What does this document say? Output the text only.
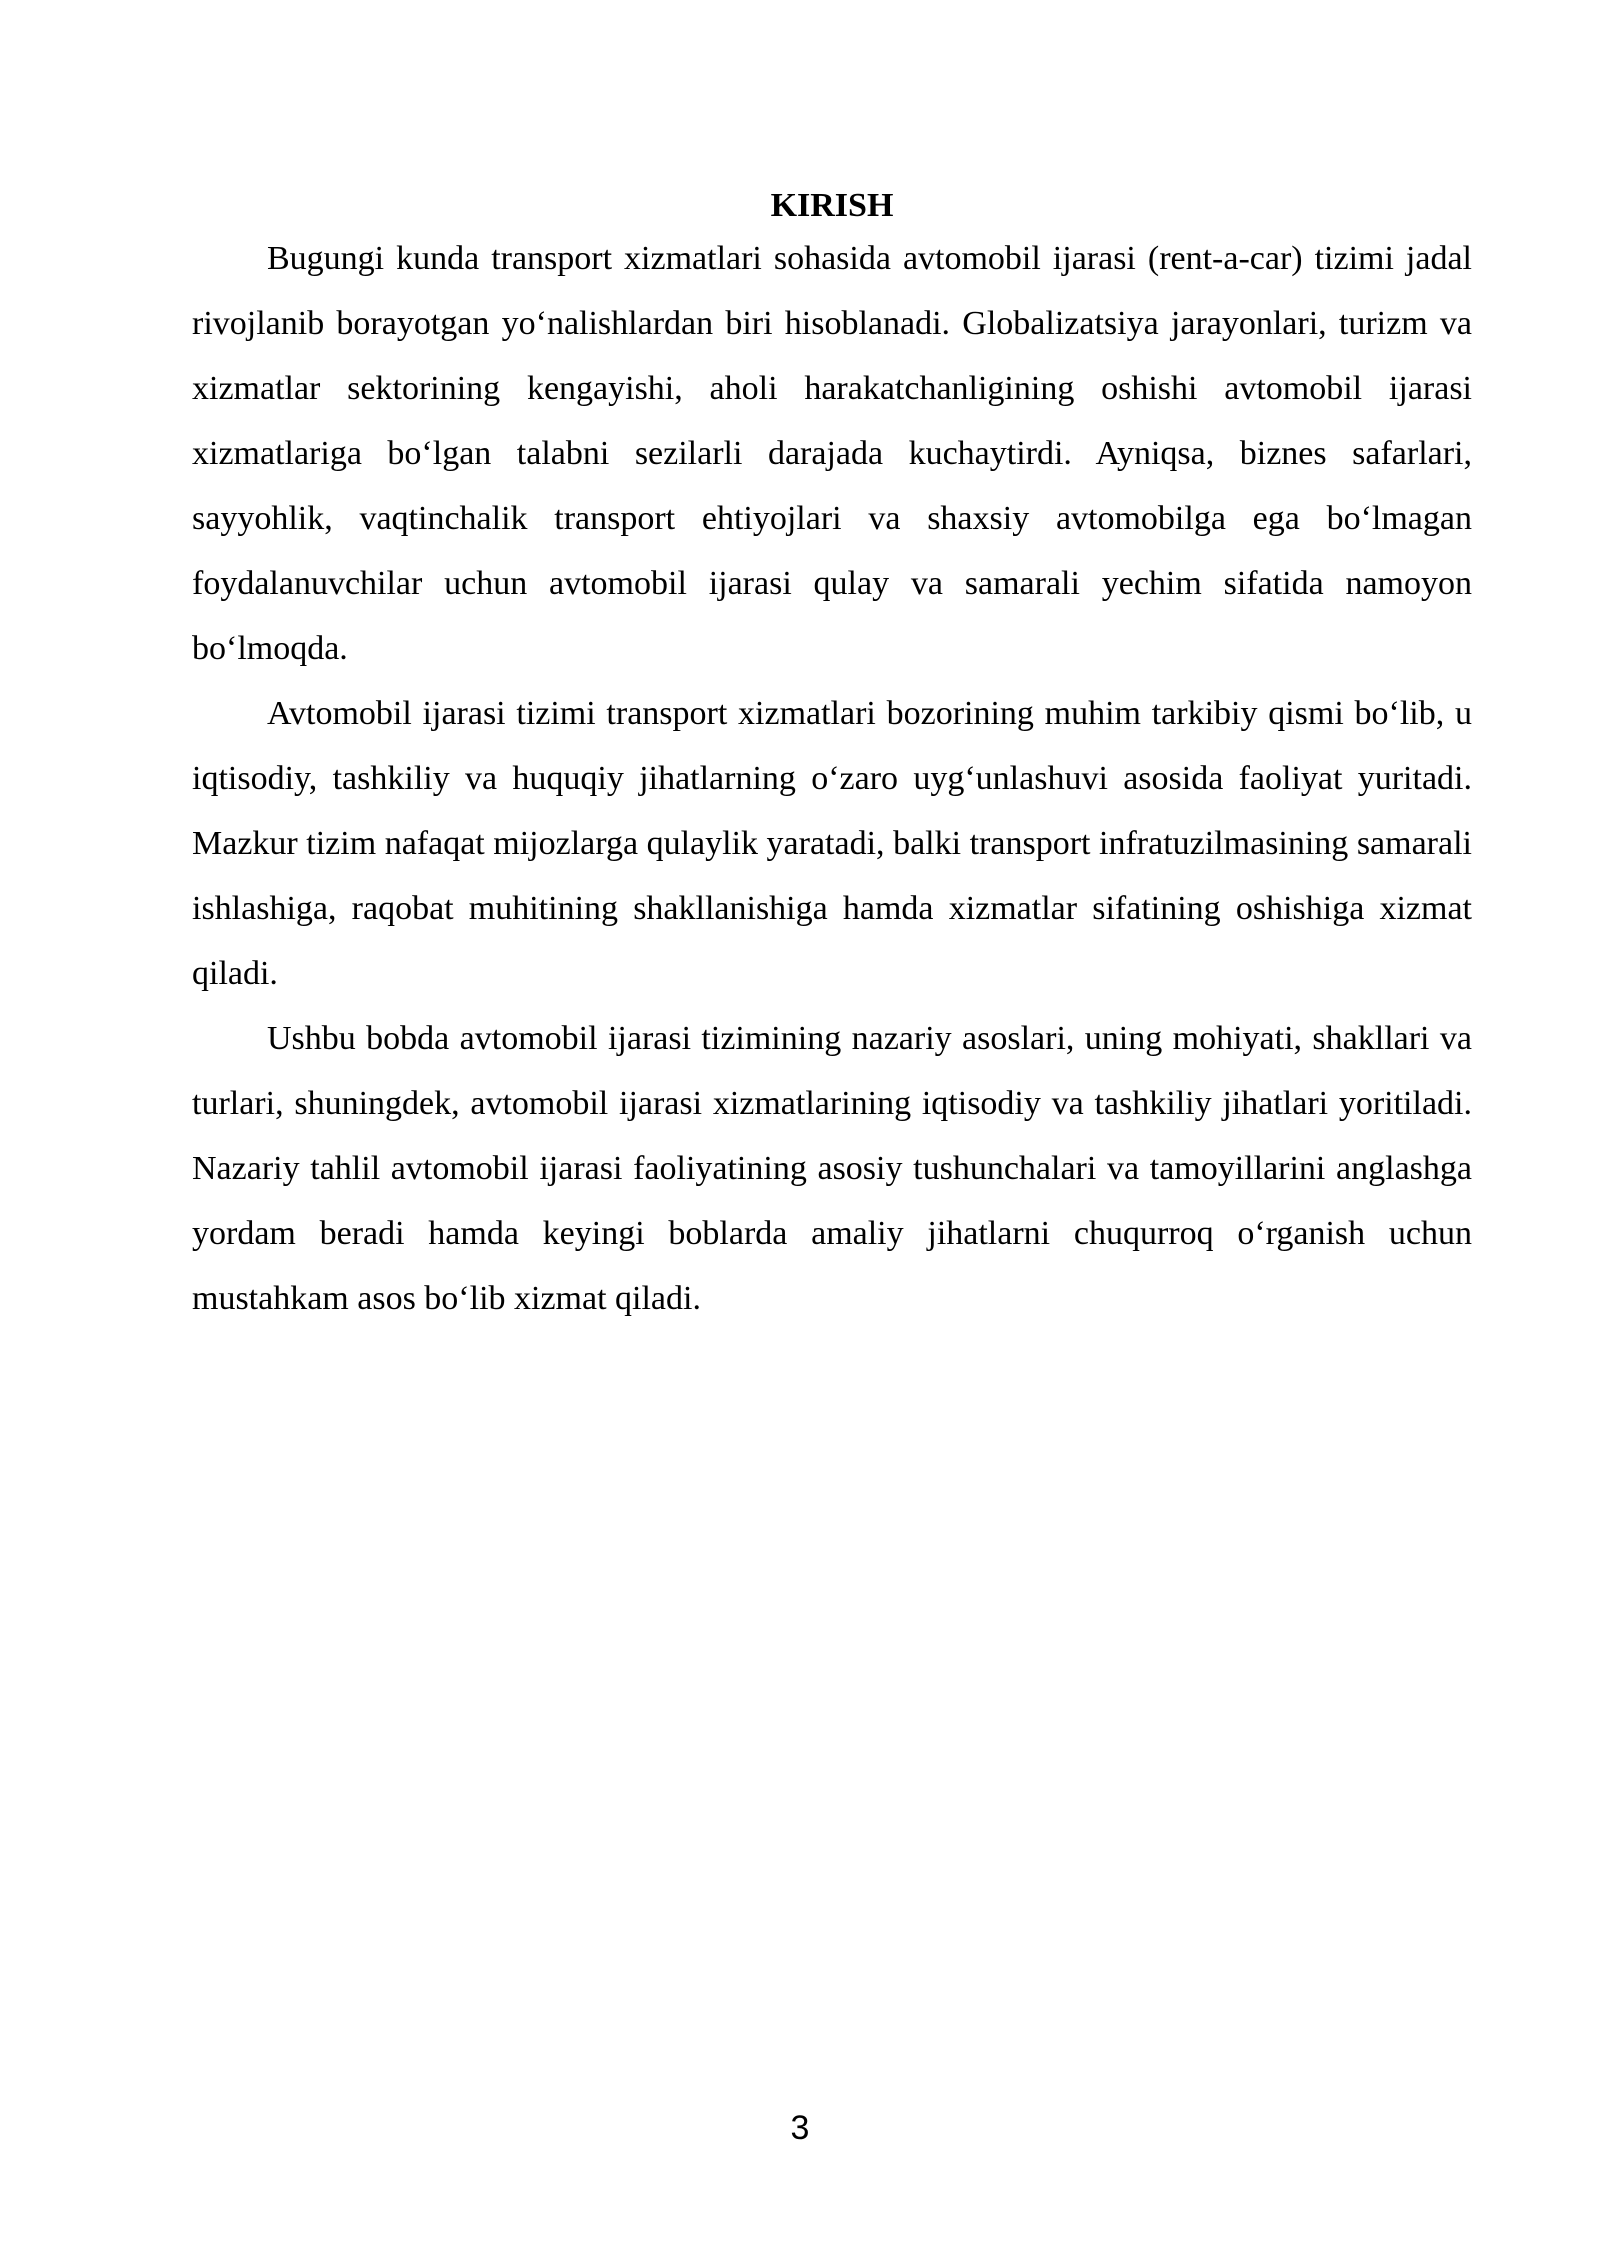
KIRISH

Bugungi kunda transport xizmatlari sohasida avtomobil ijarasi (rent-a-car) tizimi jadal rivojlanib borayotgan yoʻnalishlardan biri hisoblanadi. Globalizatsiya jarayonlari, turizm va xizmatlar sektorining kengayishi, aholi harakatchanligining oshishi avtomobil ijarasi xizmatlariga boʻlgan talabni sezilarli darajada kuchaytirdi. Ayniqsa, biznes safarlari, sayyohlik, vaqtinchalik transport ehtiyojlari va shaxsiy avtomobilga ega boʻlmagan foydalanuvchilar uchun avtomobil ijarasi qulay va samarali yechim sifatida namoyon boʻlmoqda.

Avtomobil ijarasi tizimi transport xizmatlari bozorining muhim tarkibiy qismi boʻlib, u iqtisodiy, tashkiliy va huquqiy jihatlarning oʻzaro uygʻunlashuvi asosida faoliyat yuritadi. Mazkur tizim nafaqat mijozlarga qulaylik yaratadi, balki transport infratuzilmasining samarali ishlashiga, raqobat muhitining shakllanishiga hamda xizmatlar sifatining oshishiga xizmat qiladi.

Ushbu bobda avtomobil ijarasi tizimining nazariy asoslari, uning mohiyati, shakllari va turlari, shuningdek, avtomobil ijarasi xizmatlarining iqtisodiy va tashkiliy jihatlari yoritiladi. Nazariy tahlil avtomobil ijarasi faoliyatining asosiy tushunchalari va tamoyillarini anglashga yordam beradi hamda keyingi boblarda amaliy jihatlarni chuqurroq oʻrganish uchun mustahkam asos boʻlib xizmat qiladi.

3
